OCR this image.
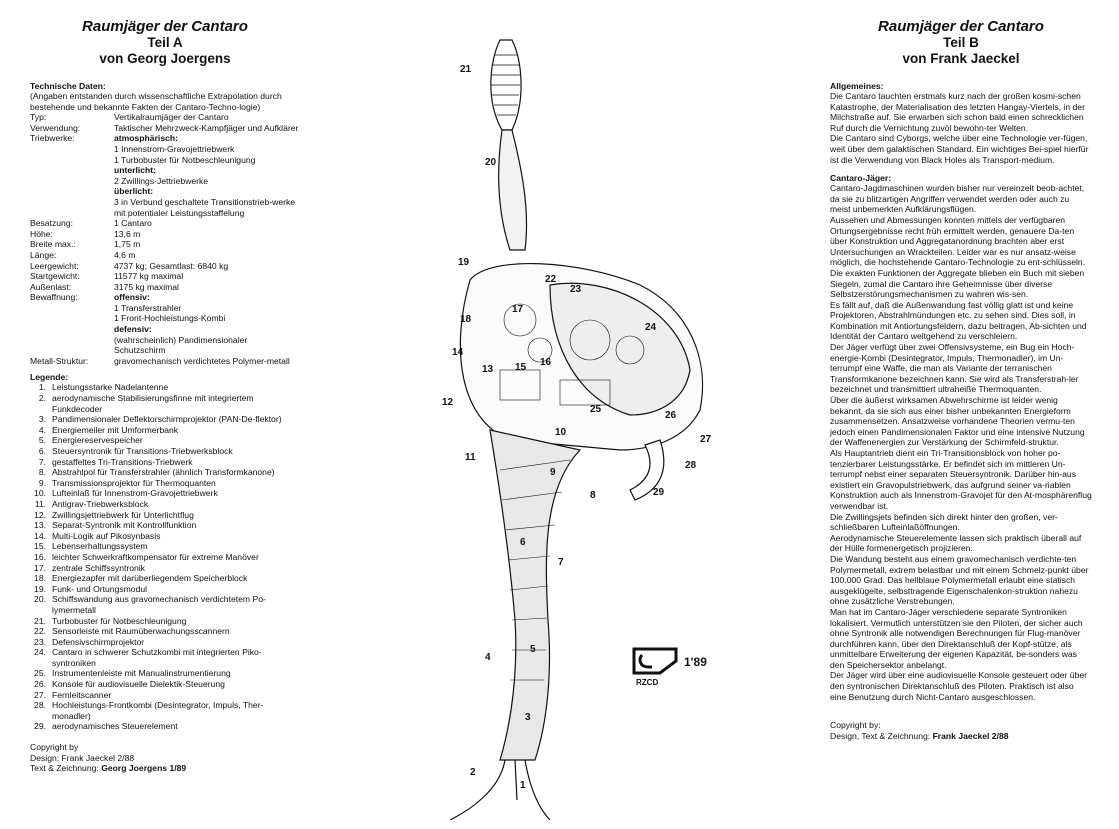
Raumjäger der Cantaro
Teil A
von Georg Joergens
Technische Daten:
(Angaben entstanden durch wissenschaftliche Extrapolation durch bestehende und bekannte Fakten der Cantaro-Techno-logie)
Typ:	Vertikalraumjäger der Cantaro
Verwendung:	Taktischer Mehrzweck-Kampfjäger und Aufklärer
Triebwerke:	atmosphärisch:
1 Innenstrom-Gravojettriebwerk
1 Turbobuster für Notbeschleunigung
unterlicht:
2 Zwillings-Jettriebwerke
überlicht:
3 in Verbund geschaltete Transitionstrieb-werke mit potentialer Leistungsstaffelung
Besatzung:	1 Cantaro
Höhe:	13,6 m
Breite max.:	1,75 m
Länge:	4,6 m
Leergewicht:	4737 kg; Gesamtlast: 6840 kg
Startgewicht:	11577 kg maximal
Außenlast:	3175 kg maximal
Bewaffnung:	offensiv:
1 Transferstrahler
1 Front-Hochleistungs-Kombi
defensiv:
(wahrscheinlich) Pandimensionaler Schutzschirm
Metall-Struktur:	gravomechanisch verdichtetes Polymer-metall
Legende:
1. Leistungsstarke Nadelantenne
2. aerodynamische Stabilisierungsfinne mit integriertem Funkdecoder
3. Pandimensionaler Deflektorschirmprojektor (PAN-De-flektor)
4. Energiemeiler mit Umformerbank
5. Energiereservespeicher
6. Steuersyntronik für Transitions-Triebwerksblock
7. gestaffeltes Tri-Transitions-Triebwerk
8. Abstrahlpol für Transferstrahler (ähnlich Transformkanone)
9. Transmissionsprojektor für Thermoquanten
10. Lufteinlaß für Innenstrom-Gravojettriebwerk
11. Antigrav-Triebwerksblock
12. Zwillingsjettriebwerk für Unterlichtflug
13. Separat-Syntronik mit Kontrollfunktion
14. Multi-Logik auf Pikosynbasis
15. Lebenserhaltungssystem
16. leichter Schwerkraftkompensator für extreme Manöver
17. zentrale Schiffssyntronik
18. Energiezapfer mit darüberliegendem Speicherblock
19. Funk- und Ortungsmodul
20. Schiffswandung aus gravomechanisch verdichtetem Po-lymermetall
21. Turbobuster für Notbeschleunigung
22. Sensorleiste mit Raumüberwachungsscannern
23. Defensivschirmprojektor
24. Cantaro in schwerer Schutzkombi mit integrierten Piko-syntroniken
25. Instrumentenleiste mit Manualinstrumentierung
26. Konsole für audiovisuelle Dielektik-Steuerung
27. Fernleitscanner
28. Hochleistungs-Frontkombi (Desintegrator, Impuls, Ther-monadler)
29. aerodynamisches Steuerelement
Copyright by
Design: Frank Jaeckel 2/88
Text & Zeichnung: Georg Joergens 1/89
1
2
3
4
5
6
7
8
9
10
11
12
13
14
15 16
17
18
19
20
21
22
23
24
25
26
27
28
29
1'89
RZCD
Raumjäger der Cantaro
Teil B
von Frank Jaeckel
Allgemeines:
Die Cantaro tauchten erstmals kurz nach der großen kosmi-schen Katastrophe, der Materialisation des letzten Hangay-Viertels, in der Milchstraße auf. Sie erwarben sich schon bald einen schrecklichen Ruf durch die Vernichtung zuvöl bewohn-ter Welten.
Die Cantaro sind Cyborgs, welche über eine Technologie ver-fügen, weit über dem galaktischen Standard. Ein wichtiges Bei-spiel hierfür ist die Verwendung von Black Holes als Transport-medium.
Cantaro-Jäger:
Cantaro-Jagdmaschinen wurden bisher nur vereinzelt beob-achtet, da sie zu blitzartigen Angriffen verwendet werden oder auch zu meist unbemerkten Aufklärungsflügen.
Aussehen und Abmessungen konnten mittels der verfügbaren Ortungsergebnisse recht früh ermittelt werden, genauere Da-ten über Konstruktion und Aggregatanordnung brachten aber erst Untersuchungen an Wrackteilen. Leider war es nur ansatz-weise möglich, die hochstehende Cantaro-Technologie zu ent-schlüsseln. Die exakten Funktionen der Aggregate blieben ein Buch mit sieben Siegeln, zumal die Cantaro ihre Geheimnisse über diverse Selbstzerstörungsmechanismen zu wahren wis-sen.
Es fällt auf, daß die Außenwandung fast völlig glatt ist und keine Projektoren, Abstrahlmündungen etc. zu sehen sind. Dies soll, in Kombination mit Antiortungsfeldern, dazu beitragen, Ab-sichten und Identität der Cantaro weitgehend zu verschleiern.
Der Jäger verfügt über zwei Offensivsysteme, ein Bug ein Hoch-energie-Kombi (Desintegrator, Impuls, Thermonadler), im Un-terrumpf eine Waffe, die man als Variante der terranischen Transformkanone bezeichnen kann. Sie wird als Transferstrah-ler bezeichnet und transmittiert ultraheiße Thermoquanten.
Über die äußerst wirksamen Abwehrschirme ist leider wenig bekannt, da sie sich aus einer bisher unbekannten Energieform zusammensetzen. Ansatzweise vorhandene Theorien vermu-ten jedoch einen Pandimensionalen Faktor und eine intensive Nutzung der Waffenenergien zur Verstärkung der Schirmfeld-struktur.
Als Hauptantrieb dient ein Tri-Transitionsblock von hoher po-tenzierbarer Leistungsstärke. Er befindet sich im mittleren Un-terrumpf nebst einer separaten Steuersyntronik. Darüber hin-aus existiert ein Gravopulstriebwerk, das aufgrund seiner va-riablen Konstruktion auch als Innenstrom-Gravojet für den At-mosphärenflug verwendbar ist.
Die Zwillingsjets befinden sich direkt hinter den großen, ver-schließbaren Lufteinlaßöffnungen.
Aerodynamische Steuerelemente lassen sich praktisch überall auf der Hülle formenergetisch projizieren.
Die Wandung besteht aus einem gravomechanisch verdichte-ten Polymermetall, extrem belastbar und mit einem Schmelz-punkt über 100.000 Grad. Das hellblaue Polymermetall erlaubt eine statisch ausgeklügelte, selbsttragende Eigenschalenkon-struktion nahezu ohne zusätzliche Verstrebungen.
Man hat im Cantaro-Jäger verschiedene separate Syntroniken lokalisiert. Vermutlich unterstützen sie den Piloten, der sicher auch ohne Syntronik alle notwendigen Berechnungen für Flug-manöver durchführen kann, über den Direktanschluß der Kopf-stütze, als unmittelbare Erweiterung der eigenen Kapazität, be-sonders was den Speichersektor anbelangt.
Der Jäger wird über eine audiovisuelle Konsole gesteuert oder über den syntronischen Direktanschluß des Piloten. Praktisch ist also eine Benutzung durch Nicht-Cantaro ausgeschlossen.
Copyright by:
Design, Text & Zeichnung: Frank Jaeckel 2/88
